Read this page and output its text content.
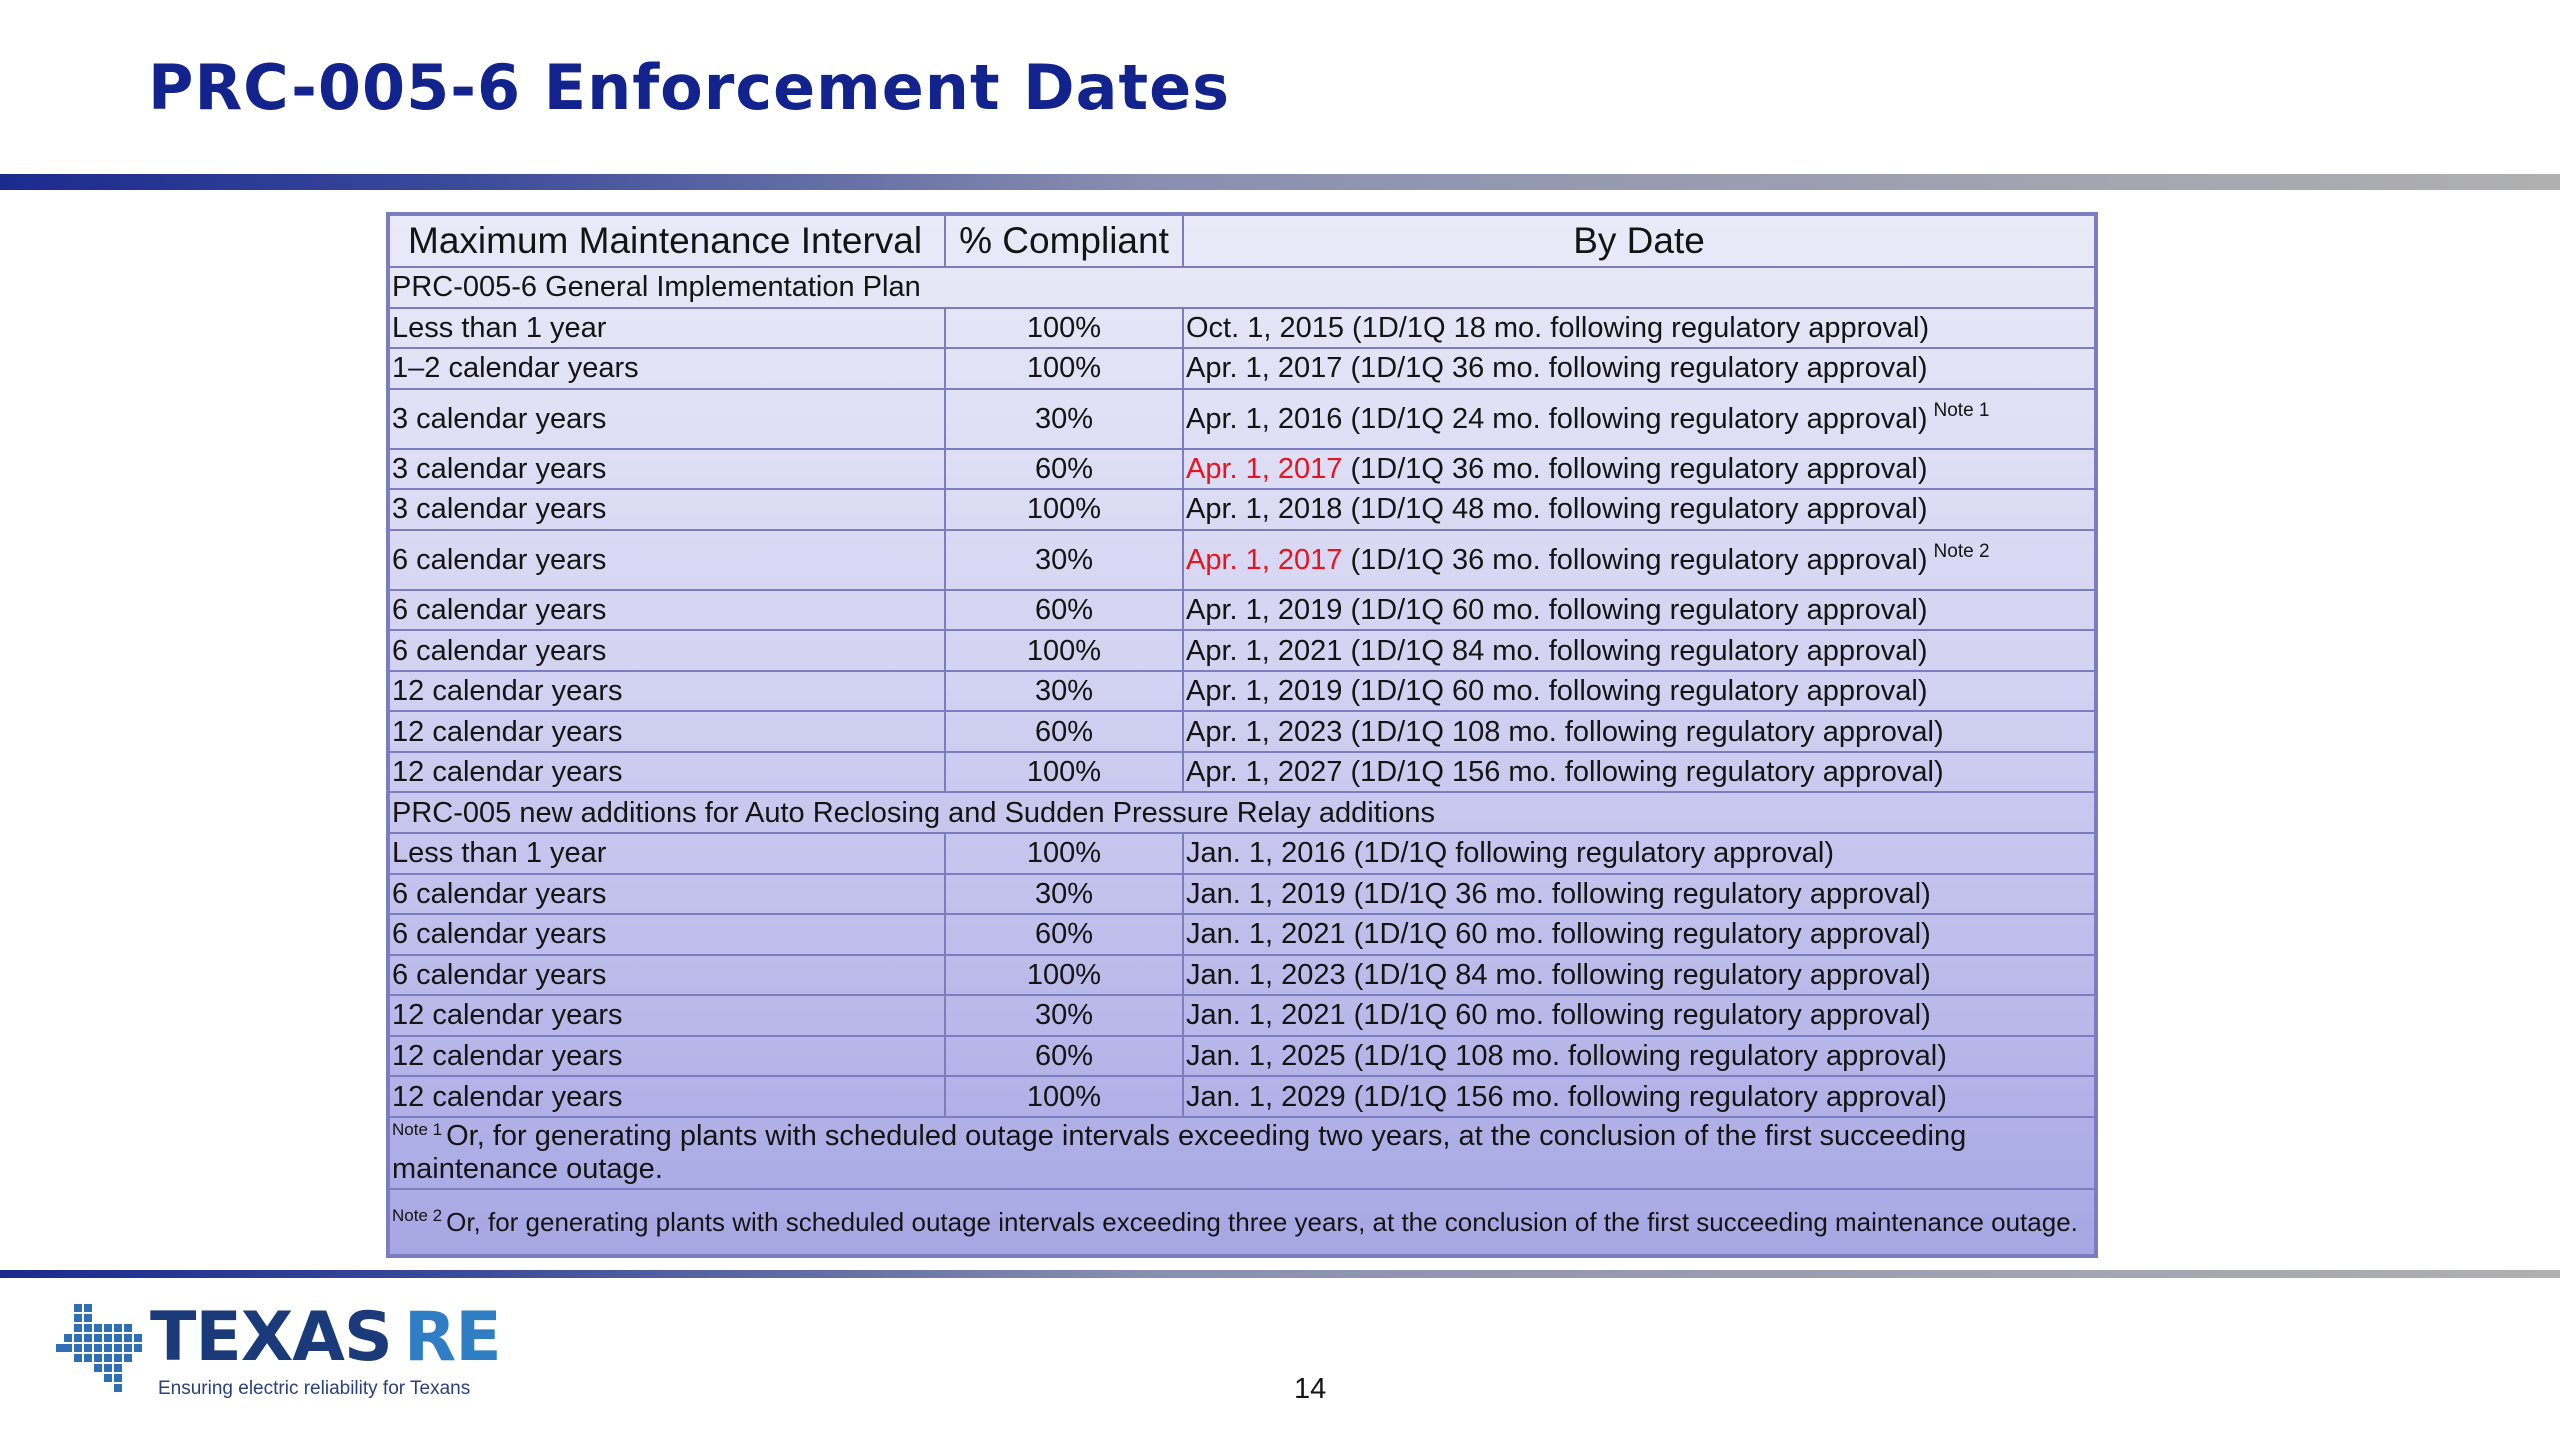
PRC-005-6 Enforcement Dates
Maximum Maintenance Interval	% Compliant	By Date
PRC-005-6 General Implementation Plan		
Less than 1 year	100%	Oct. 1, 2015 (1D/1Q 18 mo. following regulatory approval)
1–2 calendar years	100%	Apr. 1, 2017 (1D/1Q 36 mo. following regulatory approval)
3 calendar years	30%	Apr. 1, 2016 (1D/1Q 24 mo. following regulatory approval) $^{Note 1}$
3 calendar years	60%	Apr. 1, 2017 (1D/1Q 36 mo. following regulatory approval)
3 calendar years	100%	Apr. 1, 2018 (1D/1Q 48 mo. following regulatory approval)
6 calendar years	30%	Apr. 1, 2017 (1D/1Q 36 mo. following regulatory approval) $^{Note 2}$
6 calendar years	60%	Apr. 1, 2019 (1D/1Q 60 mo. following regulatory approval)
6 calendar years	100%	Apr. 1, 2021 (1D/1Q 84 mo. following regulatory approval)
12 calendar years	30%	Apr. 1, 2019 (1D/1Q 60 mo. following regulatory approval)
12 calendar years	60%	Apr. 1, 2023 (1D/1Q 108 mo. following regulatory approval)
12 calendar years	100%	Apr. 1, 2027 (1D/1Q 156 mo. following regulatory approval)
PRC-005 new additions for Auto Reclosing and Sudden Pressure Relay additions		
Less than 1 year	100%	Jan. 1, 2016 (1D/1Q following regulatory approval)
6 calendar years	30%	Jan. 1, 2019 (1D/1Q 36 mo. following regulatory approval)
6 calendar years	60%	Jan. 1, 2021 (1D/1Q 60 mo. following regulatory approval)
6 calendar years	100%	Jan. 1, 2023 (1D/1Q 84 mo. following regulatory approval)
12 calendar years	30%	Jan. 1, 2021 (1D/1Q 60 mo. following regulatory approval)
12 calendar years	60%	Jan. 1, 2025 (1D/1Q 108 mo. following regulatory approval)
12 calendar years	100%	Jan. 1, 2029 (1D/1Q 156 mo. following regulatory approval)
$^{Note 1}$ Or, for generating plants with scheduled outage intervals exceeding two years, at the conclusion of the first succeeding maintenance outage.		
$^{Note 2}$ Or, for generating plants with scheduled outage intervals exceeding three years, at the conclusion of the first succeeding maintenance outage.		
TEXAS RE
Ensuring electric reliability for Texans	14
